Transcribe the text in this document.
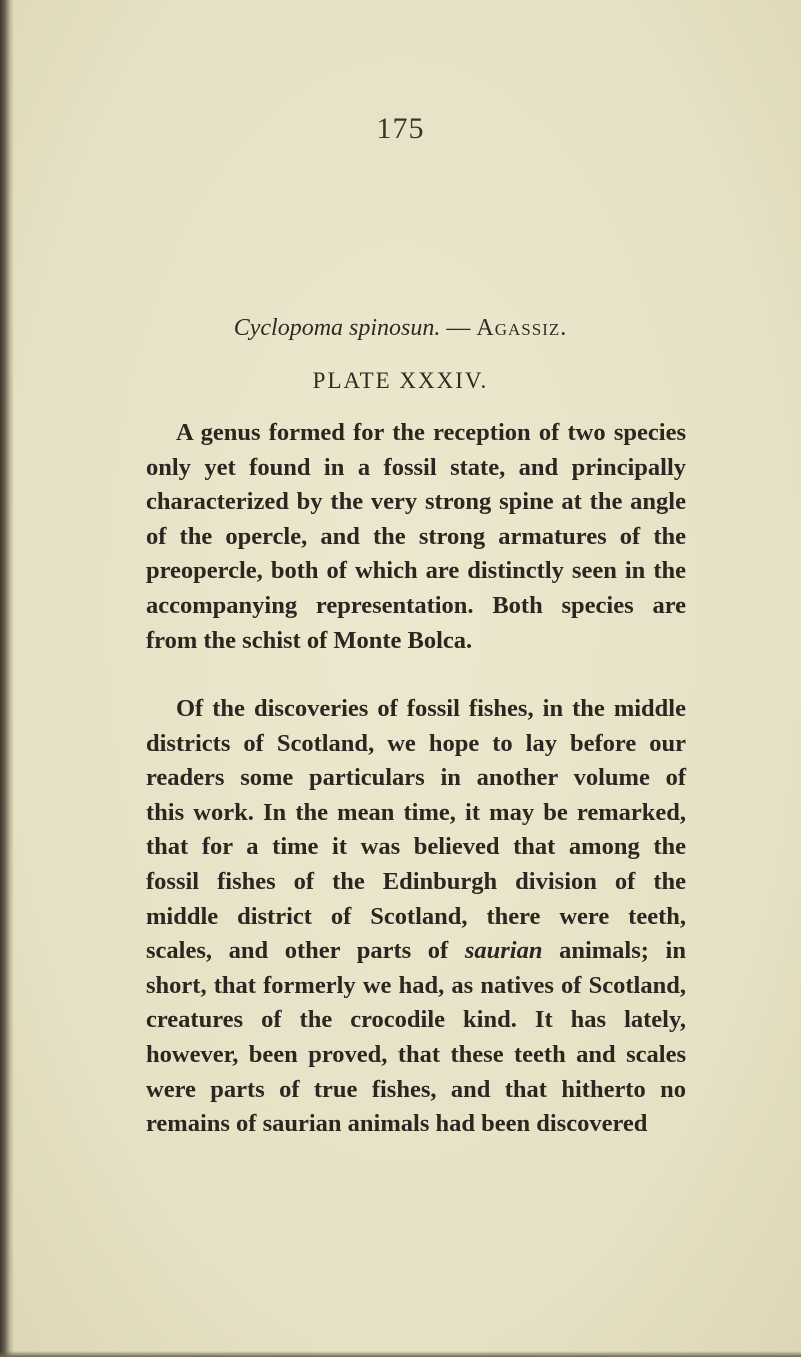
175
Cyclopoma spinosun. — Agassiz.
PLATE XXXIV.
A genus formed for the reception of two species
only yet found in a fossil state, and principally
characterized by the very strong spine at the angle
of the opercle, and the strong armatures of the
preopercle, both of which are distinctly seen in the
accompanying representation. Both species are
from the schist of Monte Bolca.
Of the discoveries of fossil fishes, in the middle
districts of Scotland, we hope to lay before our
readers some particulars in another volume of
this work. In the mean time, it may be remarked,
that for a time it was believed that among the
fossil fishes of the Edinburgh division of the
middle district of Scotland, there were teeth,
scales, and other parts of saurian animals; in
short, that formerly we had, as natives of Scotland,
creatures of the crocodile kind. It has lately,
however, been proved, that these teeth and scales
were parts of true fishes, and that hitherto no
remains of saurian animals had been discovered
